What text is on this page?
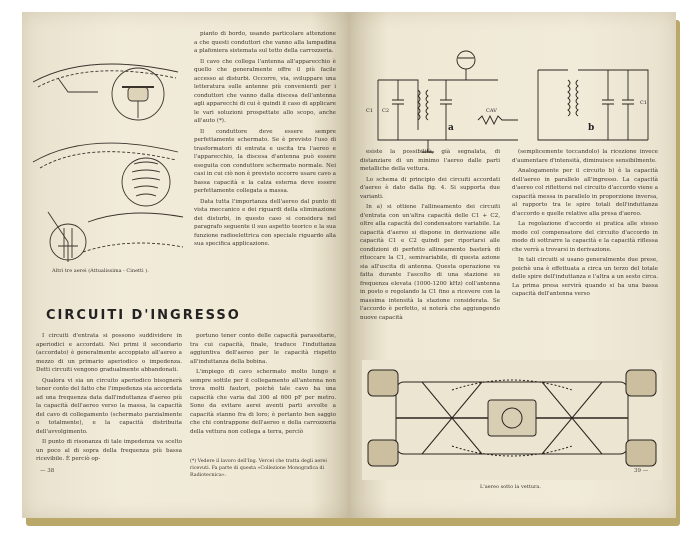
Altri tre aerei (Attualissima - Cinetti ).

pianto di bordo, usando particolare attenzione a che questi conduttori che vanno alla lampadina a plafoniera sistemata sul tetto della carrozzeria.

Il cavo che collega l'antenna all'apparecchio è quello che generalmente offre il più facile accesso ai disturbi. Occorre, via, sviluppare una letteratura sulle antenne più convenienti per i conduttori che vanno dalla discesa dell'antenna agli apparecchi di cui è quindi il caso di applicare le vari soluzioni prospettate allo scopo, anche all'auto (*).

Il conduttore deve essere sempre perfettamente schermato. Se è previsto l'uso di trasformatori di entrata e uscita tra l'aereo e l'apparecchio, la discesa d'antenna può essere eseguita con conduttore schermato normale. Nei casi in cui ciò non è previsto occorre usare cavo a bassa capacità e la calza esterna deve essere perfettamente collegata a massa.

Data tutta l'importanza dell'aereo dal punto di vista meccanico e dei riguardi della eliminazione dei disturbi, in questo caso si considera nel paragrafo seguente il suo aspetto teorico e la sua funzione radioelettrica con speciale riguardo alla sua specifica applicazione.

CIRCUITI D'INGRESSO

I circuiti d'entrata si possono suddividere in aperiodici e accordati. Nei primi il secondario (accordato) è generalmente accoppiato all'aereo a mezzo di un primario aperiodico o impedenza. Detti circuiti vengono gradualmente abbandonati.

Qualora vi sia un circuito aperiodico bisognerà tener conto del fatto che l'impedenza sia accordata ad una frequenza data dall'induttanza d'aereo più la capacità dell'aereo verso la massa, la capacità del cavo di collegamento (schermato parzialmente o totalmente), e la capacità distribuita dell'avvolgimento.

Il punto di risonanza di tale impedenza va scelto un poco al di sopra della frequenza più bassa ricevibile. È perciò op-

portuno tener conto delle capacità parassitarie, tra cui capacità, finale, traduce l'induttanza aggiuntiva dell'aereo per le capacità rispetto all'induttanza della bobina.

L'impiego di cavo schermato molto lungo e sempre sottile per il collegamento all'antenna non trova molti fautori, poichè tale cavo ha una capacità che varia dal 300 al 600 pF per metro. Sono da evitare aerei aventi parti avvolte a capacità stanno fra di loro; è pertanto ben saggio che chi contrappone dell'aereo e della carrozzeria della vettura non collega a terra, perciò

(*) Vedere il lavoro dell'Ing. Vercel che tratta degli aerei ricevuti. Fa parte di questa «Collezione Monografica di Radiotecnica».
— 38
C1 C2	CAV
C1
a	b

esiste la possibilità, già segnalata, di distanziare di un minimo l'aereo dalle parti metalliche della vettura.

Lo schema di principio dei circuiti accordati d'aereo è dato dalla fig. 4. Si supporta due varianti.

In a) si ottiene l'allineamento dei circuiti d'entrata con un'altra capacità delle C1 + C2, oltre alla capacità del condensatore variabile. La capacità d'aereo si dispone in derivazione alle capacità C1 e C2 quindi per riportarsi alle condizioni di perfetto allineamento basterà di ritoccare la C1, semivariabile, di questa azione sia all'uscita di antenna. Questa operazione va fatta durante l'ascolto di una stazione su frequenza elevata (1000-1200 kHz) coll'antenna in posto e regolando la C1 fino a ricevere con la massima intensità la stazione considerata. Se l'accordo è perfetto, si noterà che aggiungendo nuove capacità

(semplicemente toccandolo) la ricezione invece d'aumentare d'intensità, diminuisce sensibilmente.

Analogamente per il circuito b) è la capacità dell'aereo in parallelo all'ingresso. La capacità d'aereo col riflettersi nel circuito d'accordo viene a capacità messa in parallelo in proporzione inversa, al rapporto tra le spire totali dell'induttanza d'accordo e quelle relative alla presa d'aereo.

La regolazione d'accordo si pratica alle stesso modo col compensatore del circuito d'accordo in modo di sottrarre la capacità e la capacità riflessa che verrà a trovarsi in derivazione.

In tali circuiti si usano generalmente due prese, poichè una è effettuata a circa un terzo del totale delle spire dell'induttanza e l'altra a un sesto circa. La prima presa servirà quando si ha una bassa capacità dell'antenna verso

L'aereo sotto la vettura.
39 —
